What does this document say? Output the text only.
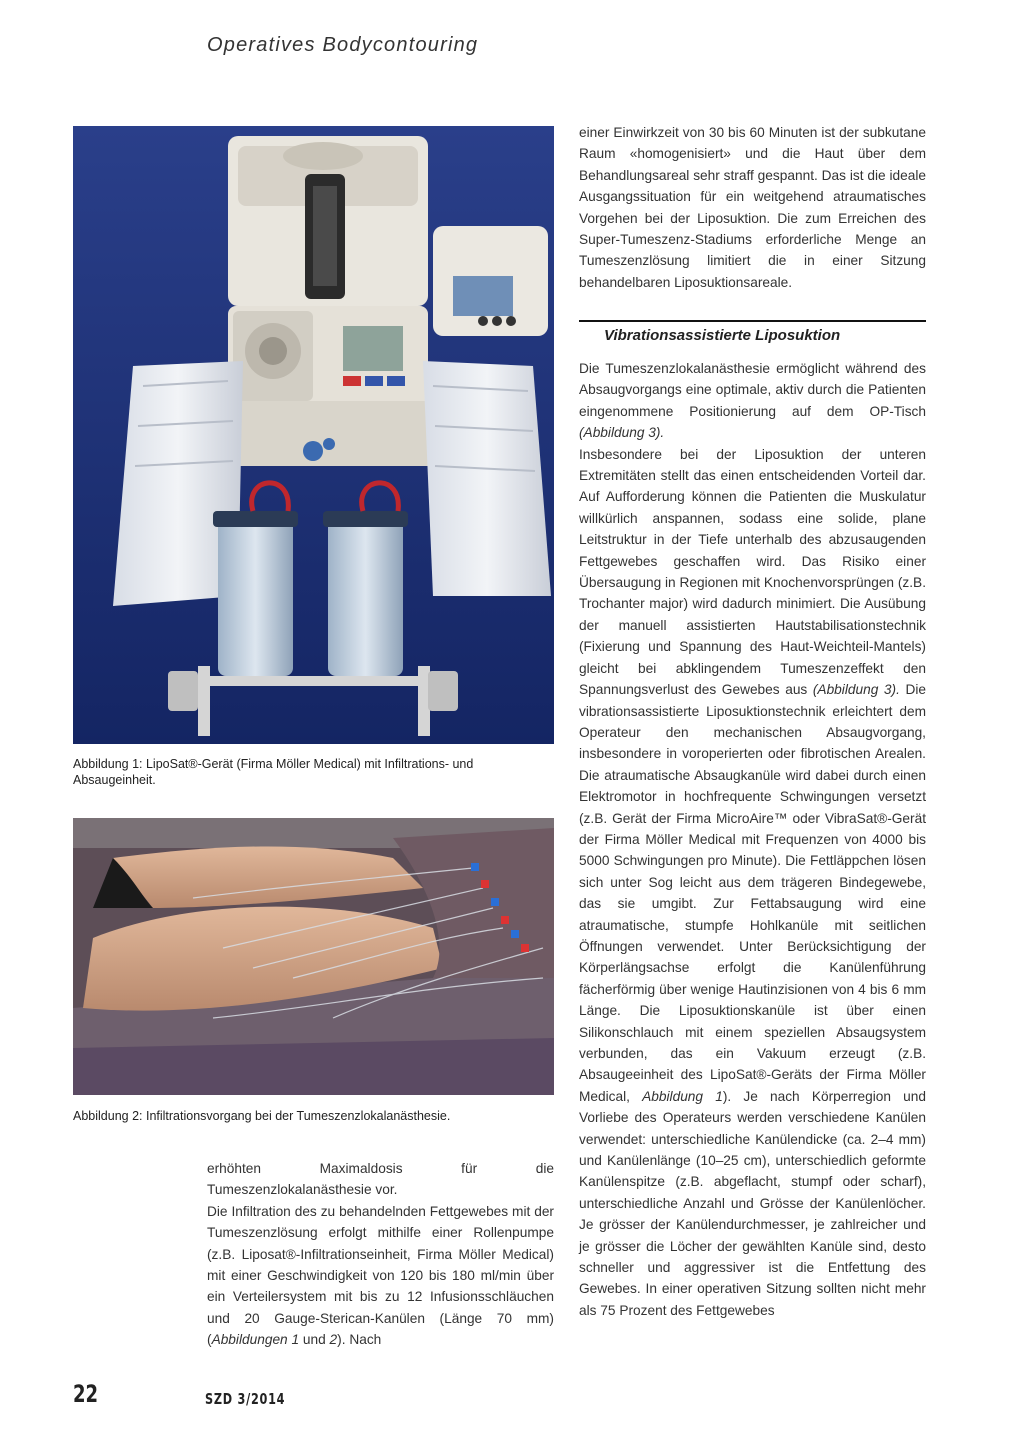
Operatives Bodycontouring
Abbildung 1: LipoSat®-Gerät (Firma Möller Medical) mit Infiltrations- und Absaugeinheit.
Abbildung 2: Infiltrationsvorgang bei der Tumeszenzlokalanästhesie.

erhöhten Maximaldosis für die Tumeszenzlokalanästhesie vor.

Die Infiltration des zu behandelnden Fettgewebes mit der Tumeszenzlösung erfolgt mithilfe einer Rollenpumpe (z.B. Liposat®-Infiltrationseinheit, Firma Möller Medical) mit einer Geschwindigkeit von 120 bis 180 ml/min über ein Verteilersystem mit bis zu 12 Infusionsschläuchen und 20 Gauge-Sterican-Kanülen (Länge 70 mm) (Abbildungen 1 und 2). Nach

einer Einwirkzeit von 30 bis 60 Minuten ist der subkutane Raum «homogenisiert» und die Haut über dem Behandlungsareal sehr straff gespannt. Das ist die ideale Ausgangssituation für ein weitgehend atraumatisches Vorgehen bei der Liposuktion. Die zum Erreichen des Super-Tumeszenz-Stadiums erforderliche Menge an Tumeszenzlösung limitiert die in einer Sitzung behandelbaren Liposuktionsareale.

Vibrationsassistierte Liposuktion

Die Tumeszenzlokalanästhesie ermöglicht während des Absaugvorgangs eine optimale, aktiv durch die Patienten eingenommene Positionierung auf dem OP-Tisch (Abbildung 3).

Insbesondere bei der Liposuktion der unteren Extremitäten stellt das einen entscheidenden Vorteil dar. Auf Aufforderung können die Patienten die Muskulatur willkürlich anspannen, sodass eine solide, plane Leitstruktur in der Tiefe unterhalb des abzusaugenden Fettgewebes geschaffen wird. Das Risiko einer Übersaugung in Regionen mit Knochenvorsprüngen (z.B. Trochanter major) wird dadurch minimiert. Die Ausübung der manuell assistierten Hautstabilisationstechnik (Fixierung und Spannung des Haut-Weichteil-Mantels) gleicht bei abklingendem Tumeszenzeffekt den Spannungsverlust des Gewebes aus (Abbildung 3). Die vibrationsassistierte Liposuktionstechnik erleichtert dem Operateur den mechanischen Absaugvorgang, insbesondere in voroperierten oder fibrotischen Arealen. Die atraumatische Absaugkanüle wird dabei durch einen Elektromotor in hochfrequente Schwingungen versetzt (z.B. Gerät der Firma MicroAire™ oder VibraSat®-Gerät der Firma Möller Medical mit Frequenzen von 4000 bis 5000 Schwingungen pro Minute). Die Fettläppchen lösen sich unter Sog leicht aus dem trägeren Bindegewebe, das sie umgibt. Zur Fettabsaugung wird eine atraumatische, stumpfe Hohlkanüle mit seitlichen Öffnungen verwendet. Unter Berücksichtigung der Körperlängsachse erfolgt die Kanülenführung fächerförmig über wenige Hautinzisionen von 4 bis 6 mm Länge. Die Liposuktionskanüle ist über einen Silikonschlauch mit einem speziellen Absaugsystem verbunden, das ein Vakuum erzeugt (z.B. Absaugeeinheit des LipoSat®-Geräts der Firma Möller Medical, Abbildung 1). Je nach Körperregion und Vorliebe des Operateurs werden verschiedene Kanülen verwendet: unterschiedliche Kanülendicke (ca. 2–4 mm) und Kanülenlänge (10–25 cm), unterschiedlich geformte Kanülenspitze (z.B. abgeflacht, stumpf oder scharf), unterschiedliche Anzahl und Grösse der Kanülenlöcher. Je grösser der Kanülendurchmesser, je zahlreicher und je grösser die Löcher der gewählten Kanüle sind, desto schneller und aggressiver ist die Entfettung des Gewebes. In einer operativen Sitzung sollten nicht mehr als 75 Prozent des Fettgewebes

22	SZD 3/2014
